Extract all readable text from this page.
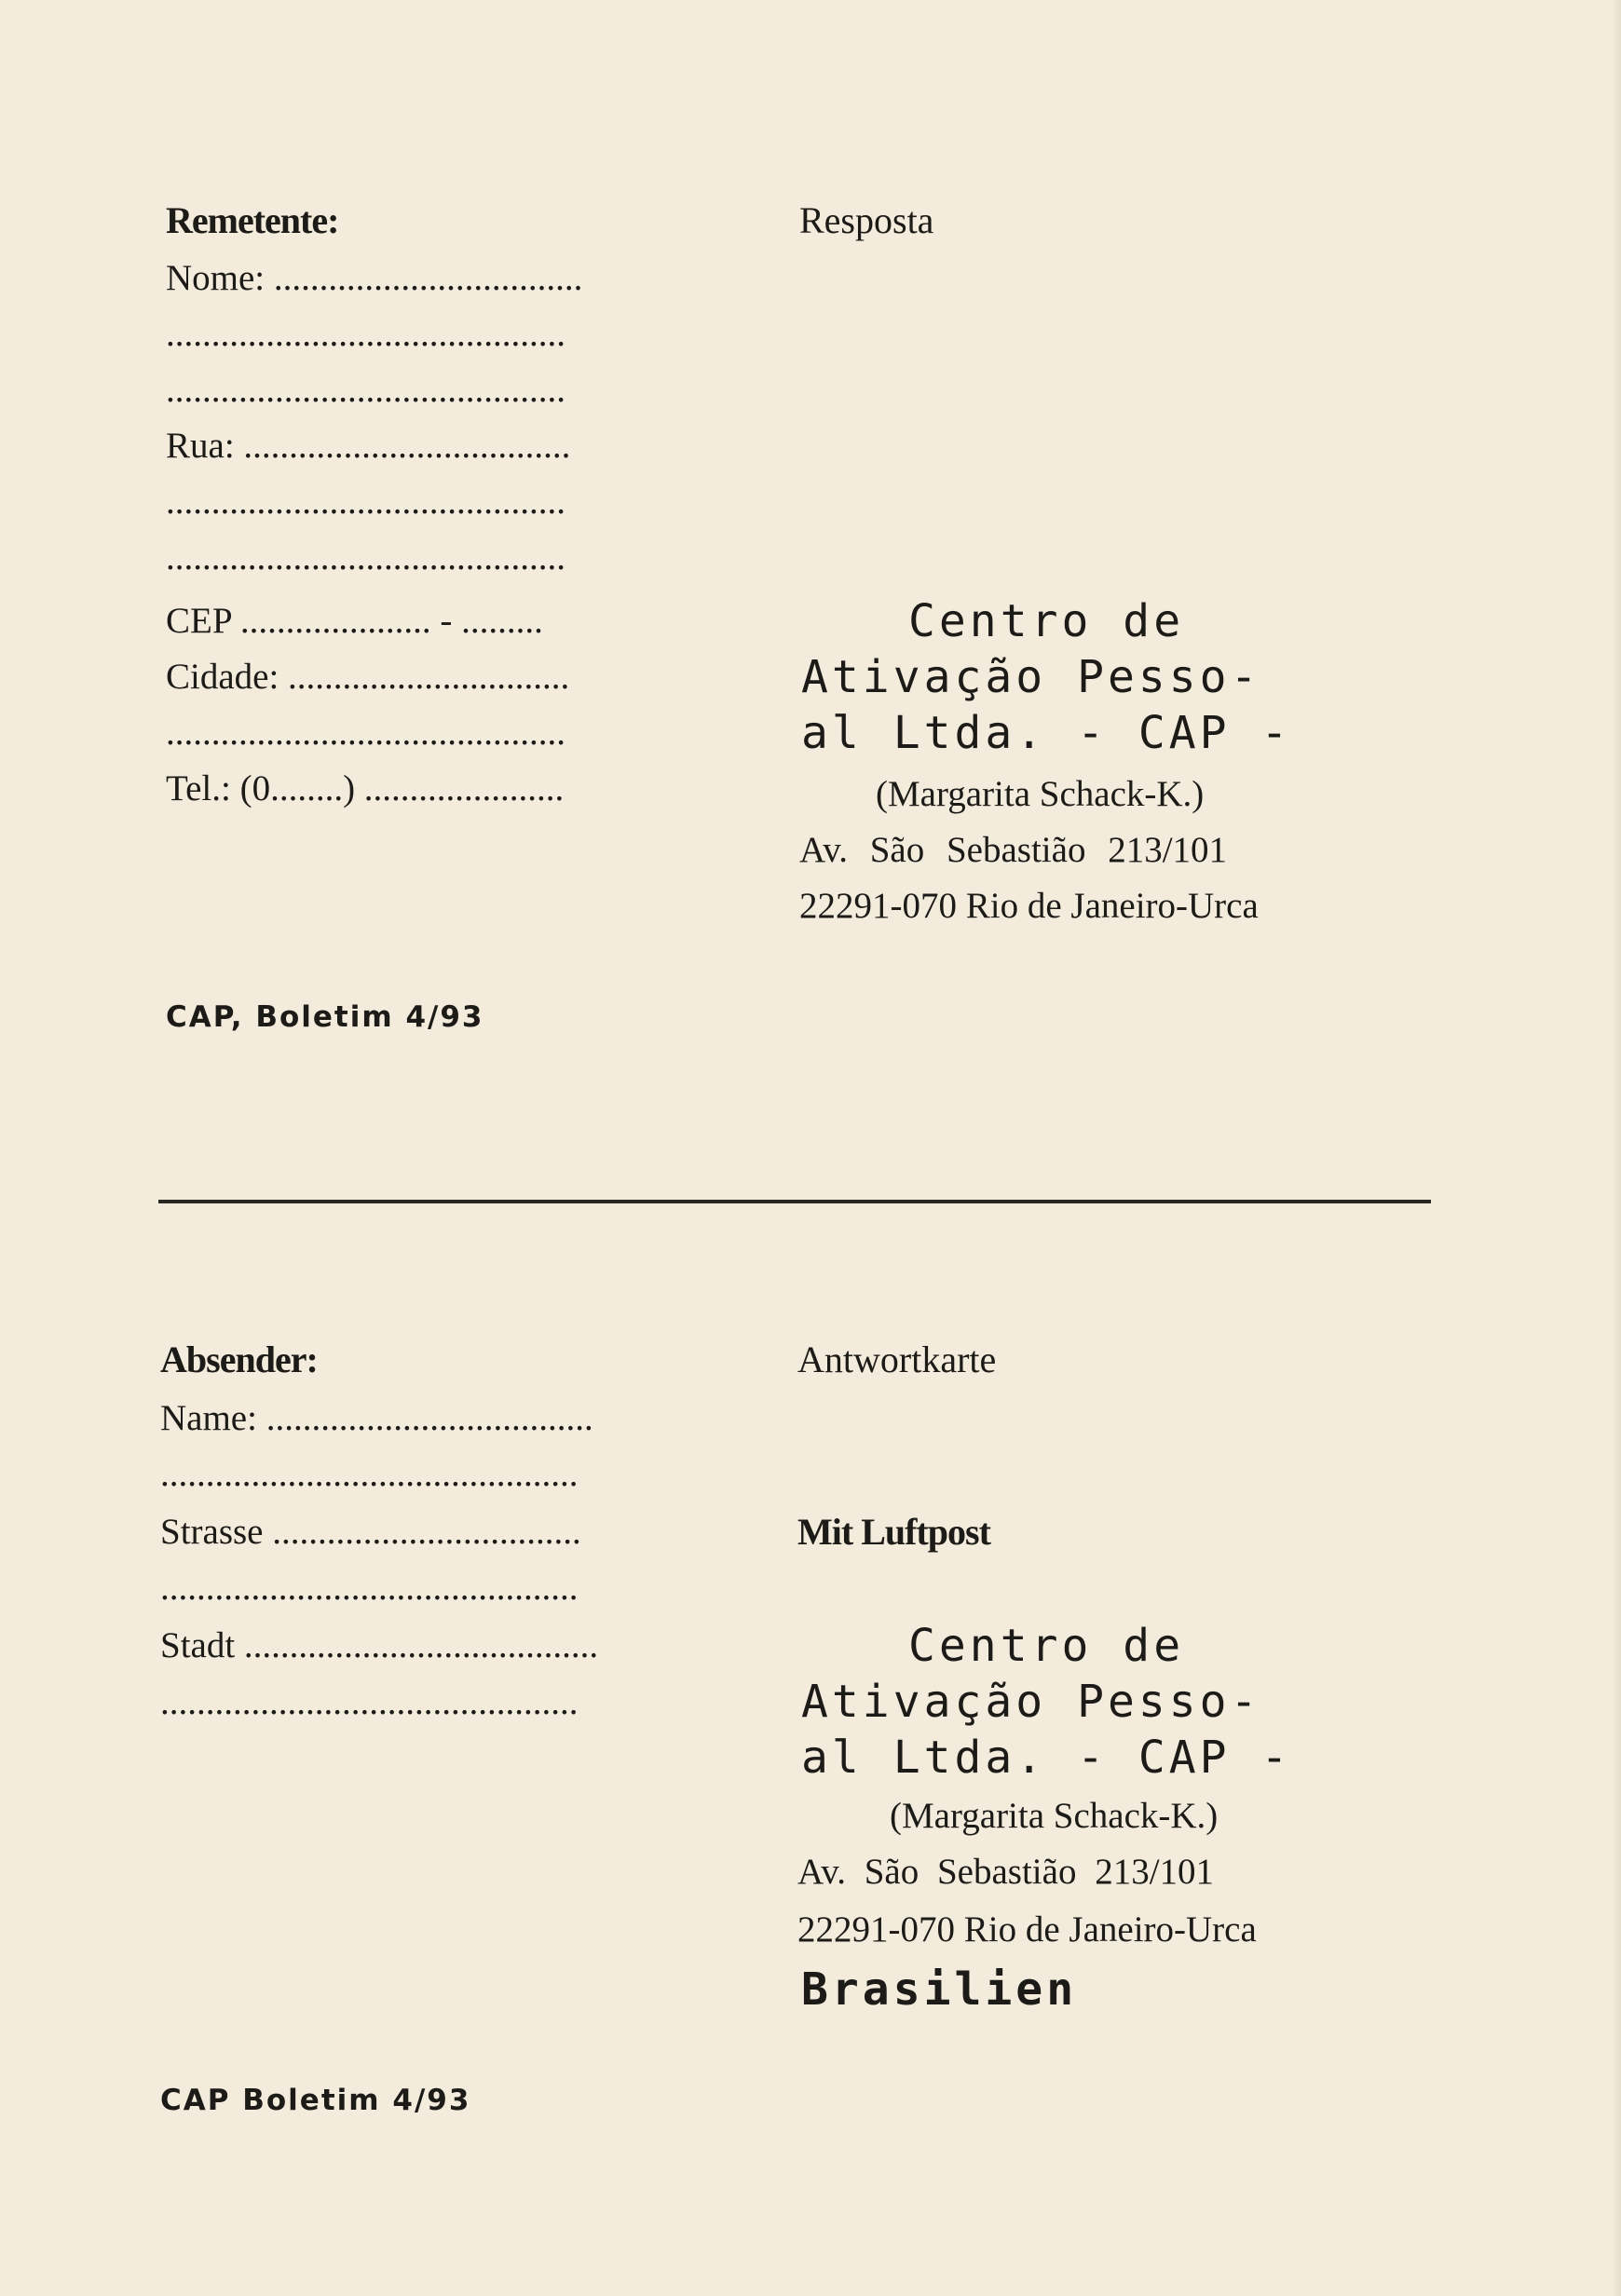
Remetente:	Resposta
Nome: ..................................
............................................
............................................
Rua: ....................................
............................................
............................................
CEP ..................... - .........
Cidade: ...............................
............................................
Tel.: (0........) ......................
Centro de
Ativação Pesso-
al Ltda. - CAP -
(Margarita Schack-K.)
Av. São Sebastião 213/101
22291-070 Rio de Janeiro-Urca
CAP, Boletim 4/93
Absender:	Antwortkarte
Name: ....................................
..............................................
Strasse ..................................
..............................................
Stadt .......................................
..............................................
Mit Luftpost
Centro de
Ativação Pesso-
al Ltda. - CAP -
(Margarita Schack-K.)
Av. São Sebastião 213/101
22291-070 Rio de Janeiro-Urca
Brasilien
CAP Boletim 4/93
